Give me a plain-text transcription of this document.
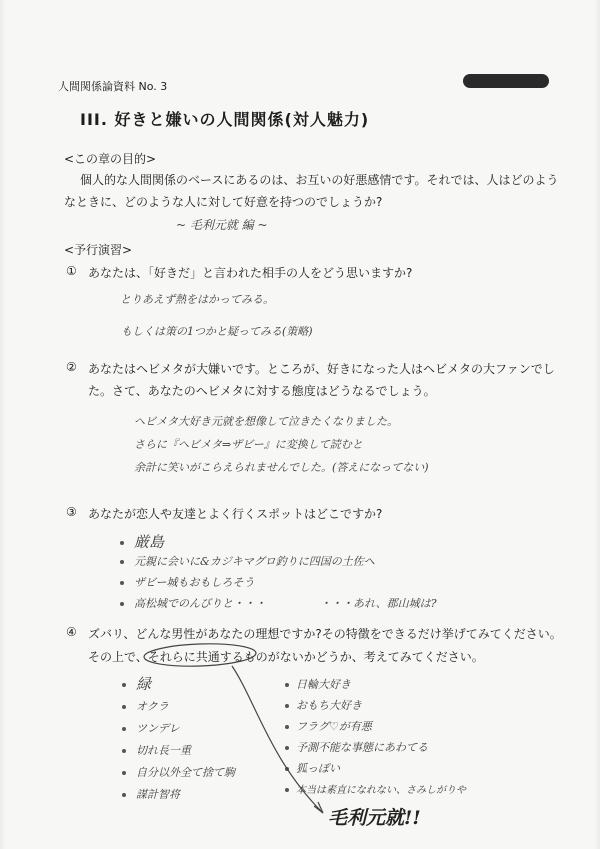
人間関係論資料 No. 3
III. 好きと嫌いの人間関係(対人魅力)
<この章の目的>
個人的な人間関係のベースにあるのは、お互いの好悪感情です。それでは、人はどのよう
なときに、どのような人に対して好意を持つのでしょうか?
~ 毛利元就 編 ~
<予行演習>
① あなたは、「好きだ」と言われた相手の人をどう思いますか?
とりあえず熱をはかってみる。
もしくは策の1つかと疑ってみる(策略)
② あなたはヘビメタが大嫌いです。ところが、好きになった人はヘビメタの大ファンでし
た。さて、あなたのヘビメタに対する態度はどうなるでしょう。
ヘビメタ大好き元就を想像して泣きたくなりました。
さらに『ヘビメタ⇒ザビー』に変換して読むと
余計に笑いがこらえられませんでした。(答えになってない)
③ あなたが恋人や友達とよく行くスポットはどこですか?
厳島
元親に会いに&カジキマグロ釣りに四国の土佐へ
ザビー城もおもしろそう
高松城でのんびりと・・・	・・・あれ、郡山城は?
④ ズバリ、どんな男性があなたの理想ですか?その特徴をできるだけ挙げてみてください。
その上で、それらに共通するものがないかどうか、考えてみてください。
緑
オクラ
ツンデレ
切れ長一重
自分以外全て捨て駒
謀計智将
日輪大好き
おもち大好き
フラグ♡が有悪
予測不能な事態にあわてる
狐っぽい
本当は素直になれない、さみしがりや
毛利元就!!
